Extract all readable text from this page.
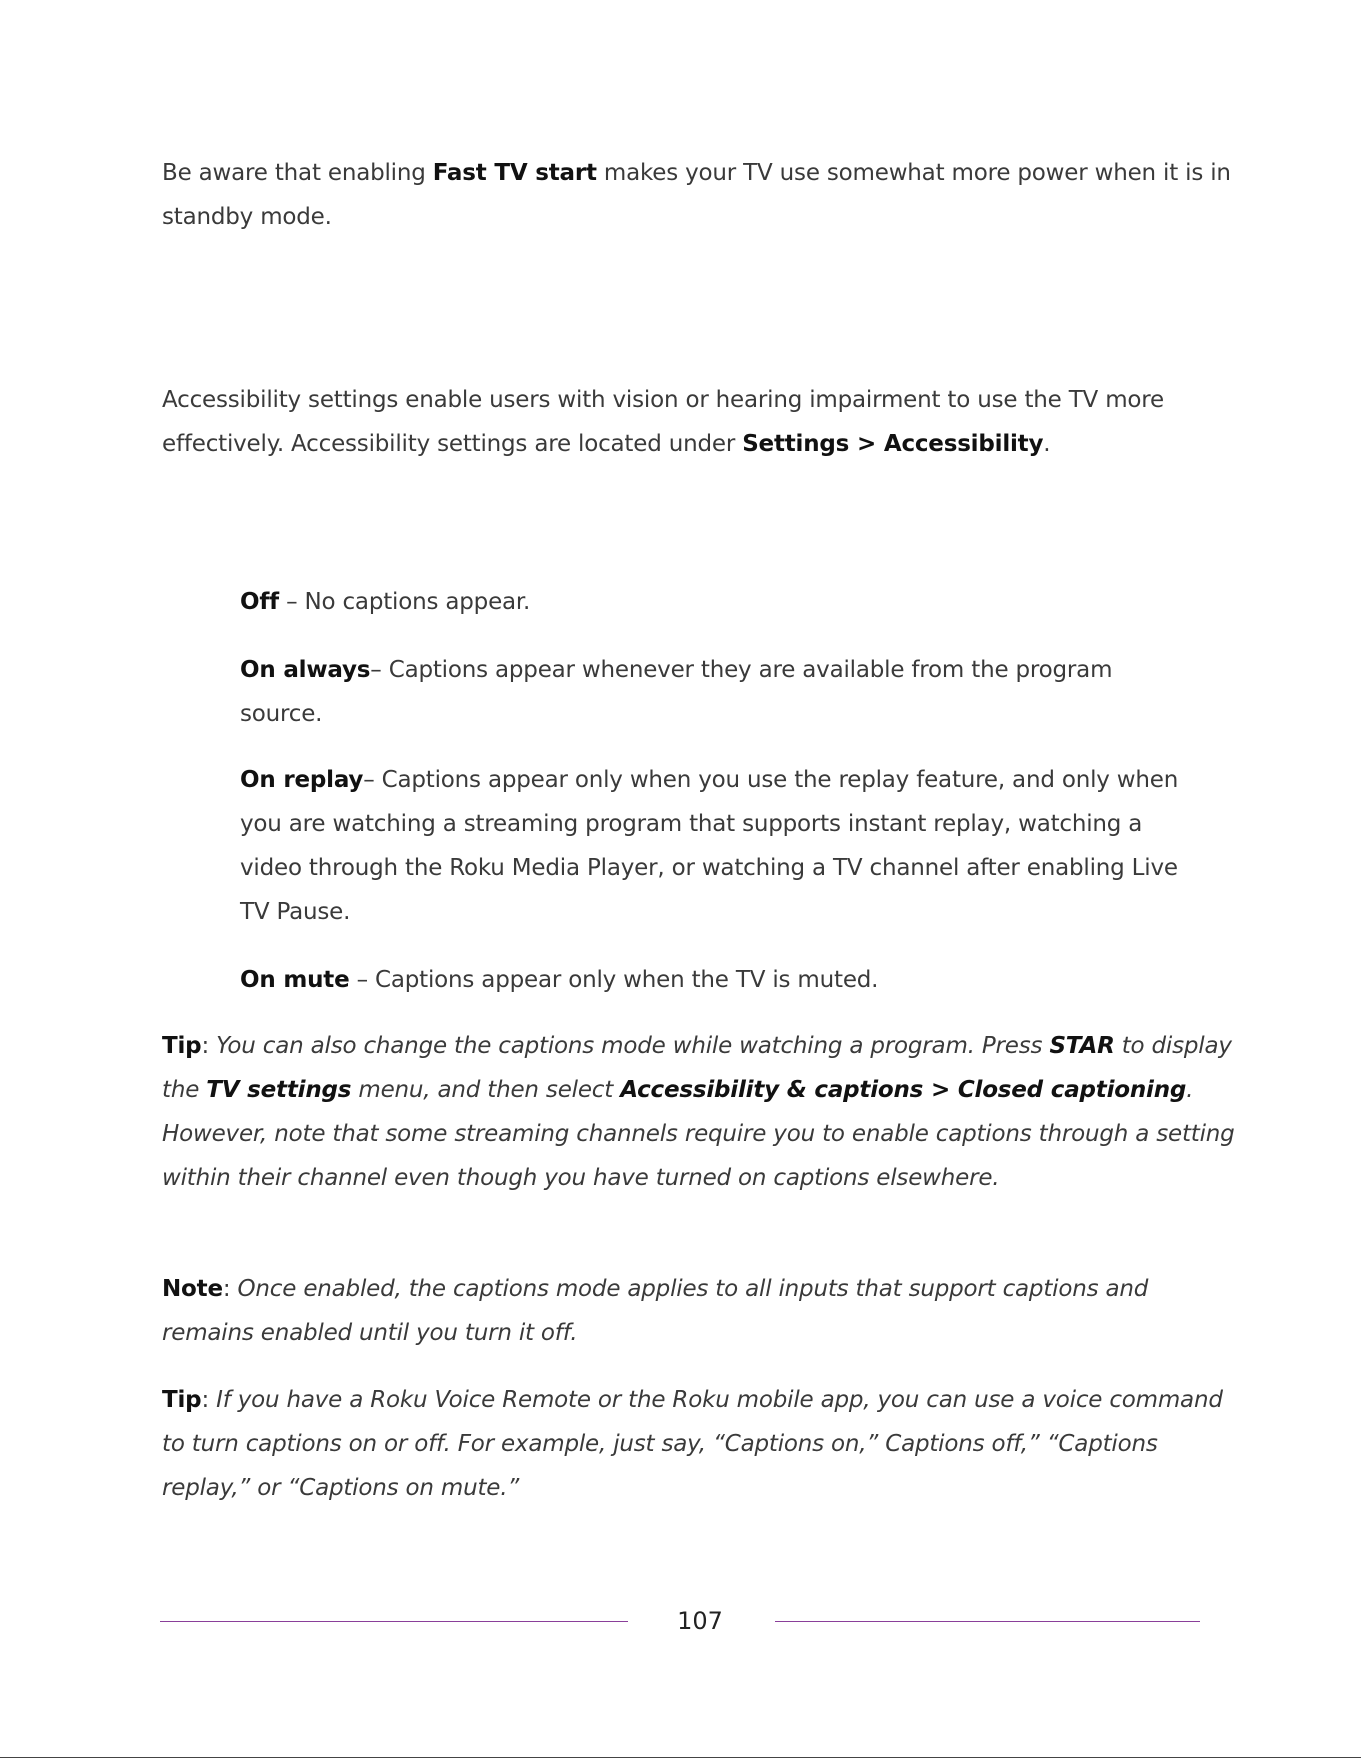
Be aware that enabling Fast TV start makes your TV use somewhat more power when it is in standby mode.

Accessibility settings enable users with vision or hearing impairment to use the TV more effectively. Accessibility settings are located under Settings > Accessibility.

Off – No captions appear.

On always– Captions appear whenever they are available from the program source.

On replay– Captions appear only when you use the replay feature, and only when you are watching a streaming program that supports instant replay, watching a video through the Roku Media Player, or watching a TV channel after enabling Live TV Pause.

On mute – Captions appear only when the TV is muted.

Tip: You can also change the captions mode while watching a program. Press STAR to display the TV settings menu, and then select Accessibility & captions > Closed captioning. However, note that some streaming channels require you to enable captions through a setting within their channel even though you have turned on captions elsewhere.

Note: Once enabled, the captions mode applies to all inputs that support captions and remains enabled until you turn it off.

Tip: If you have a Roku Voice Remote or the Roku mobile app, you can use a voice command to turn captions on or off. For example, just say, “Captions on,” Captions off,” “Captions replay,” or “Captions on mute.”

107
